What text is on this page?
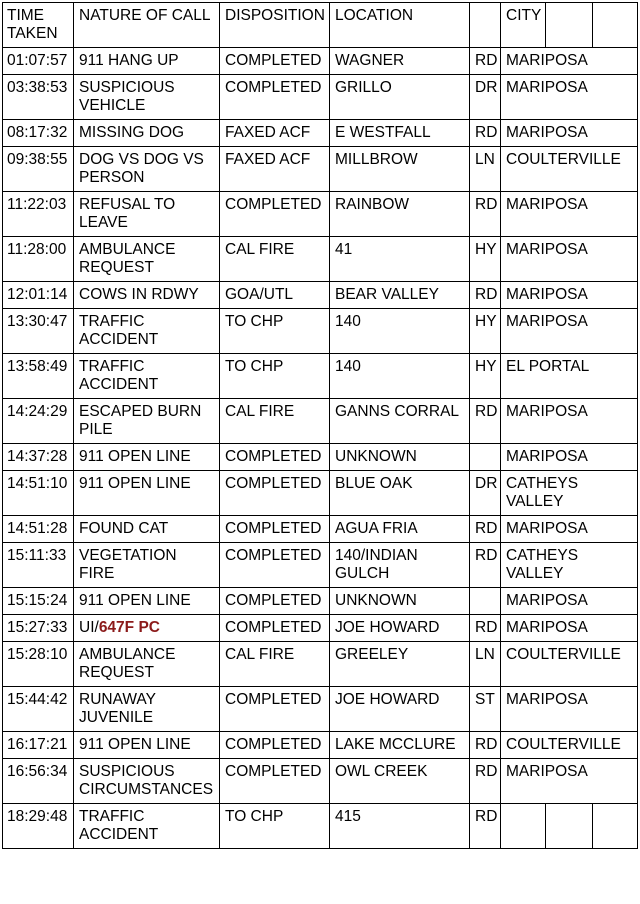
TIME TAKEN	NATURE OF CALL	DISPOSITION	LOCATION		CITY		
01:07:57	911 HANG UP	COMPLETED	WAGNER	RD	MARIPOSA		
03:38:53	SUSPICIOUS VEHICLE	COMPLETED	GRILLO	DR	MARIPOSA		
08:17:32	MISSING DOG	FAXED ACF	E WESTFALL	RD	MARIPOSA		
09:38:55	DOG VS DOG VS PERSON	FAXED ACF	MILLBROW	LN	COULTERVILLE		
11:22:03	REFUSAL TO LEAVE	COMPLETED	RAINBOW	RD	MARIPOSA		
11:28:00	AMBULANCE REQUEST	CAL FIRE	41	HY	MARIPOSA		
12:01:14	COWS IN RDWY	GOA/UTL	BEAR VALLEY	RD	MARIPOSA		
13:30:47	TRAFFIC ACCIDENT	TO CHP	140	HY	MARIPOSA		
13:58:49	TRAFFIC ACCIDENT	TO CHP	140	HY	EL PORTAL		
14:24:29	ESCAPED BURN PILE	CAL FIRE	GANNS CORRAL	RD	MARIPOSA		
14:37:28	911 OPEN LINE	COMPLETED	UNKNOWN		MARIPOSA		
14:51:10	911 OPEN LINE	COMPLETED	BLUE OAK	DR	CATHEYS VALLEY		
14:51:28	FOUND CAT	COMPLETED	AGUA FRIA	RD	MARIPOSA		
15:11:33	VEGETATION FIRE	COMPLETED	140/INDIAN GULCH	RD	CATHEYS VALLEY		
15:15:24	911 OPEN LINE	COMPLETED	UNKNOWN		MARIPOSA		
15:27:33	UI/647F PC	COMPLETED	JOE HOWARD	RD	MARIPOSA		
15:28:10	AMBULANCE REQUEST	CAL FIRE	GREELEY	LN	COULTERVILLE		
15:44:42	RUNAWAY JUVENILE	COMPLETED	JOE HOWARD	ST	MARIPOSA		
16:17:21	911 OPEN LINE	COMPLETED	LAKE MCCLURE	RD	COULTERVILLE		
16:56:34	SUSPICIOUS CIRCUMSTANCES	COMPLETED	OWL CREEK	RD	MARIPOSA		
18:29:48	TRAFFIC ACCIDENT	TO CHP	415	RD			
